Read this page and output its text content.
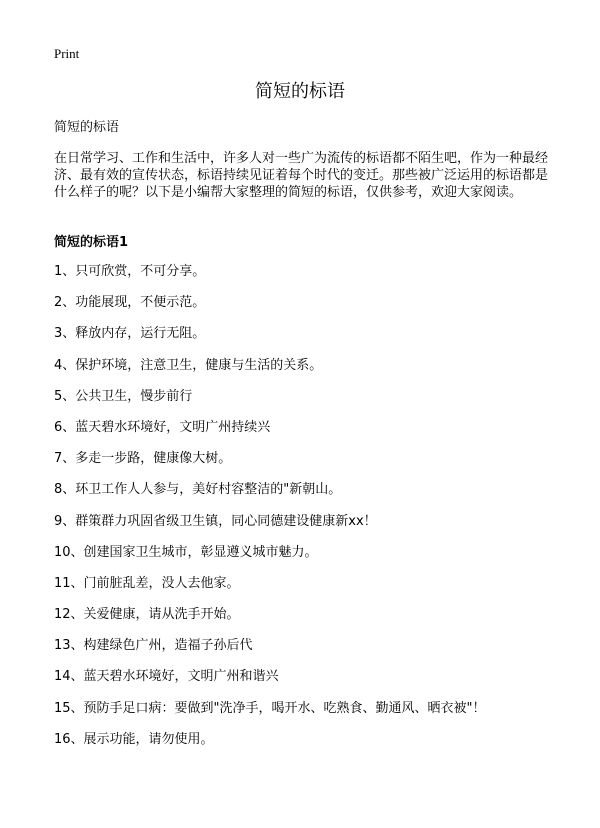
Print
简短的标语
简短的标语

在日常学习、工作和生活中，许多人对一些广为流传的标语都不陌生吧，作为一种最经济、最有效的宣传状态，标语持续见证着每个时代的变迁。那些被广泛运用的标语都是什么样子的呢？以下是小编帮大家整理的简短的标语，仅供参考，欢迎大家阅读。

简短的标语1
1、只可欣赏，不可分享。
2、功能展现，不便示范。
3、释放内存，运行无阻。
4、保护环境，注意卫生，健康与生活的关系。
5、公共卫生，慢步前行
6、蓝天碧水环境好，文明广州持续兴
7、多走一步路，健康像大树。
8、环卫工作人人参与，美好村容整洁的"新朝山。
9、群策群力巩固省级卫生镇，同心同德建设健康新xx！
10、创建国家卫生城市，彰显遵义城市魅力。
11、门前脏乱差，没人去他家。
12、关爱健康，请从洗手开始。
13、构建绿色广州，造福子孙后代
14、蓝天碧水环境好，文明广州和谐兴
15、预防手足口病：要做到"洗净手，喝开水、吃熟食、勤通风、晒衣被"！
16、展示功能，请勿使用。
